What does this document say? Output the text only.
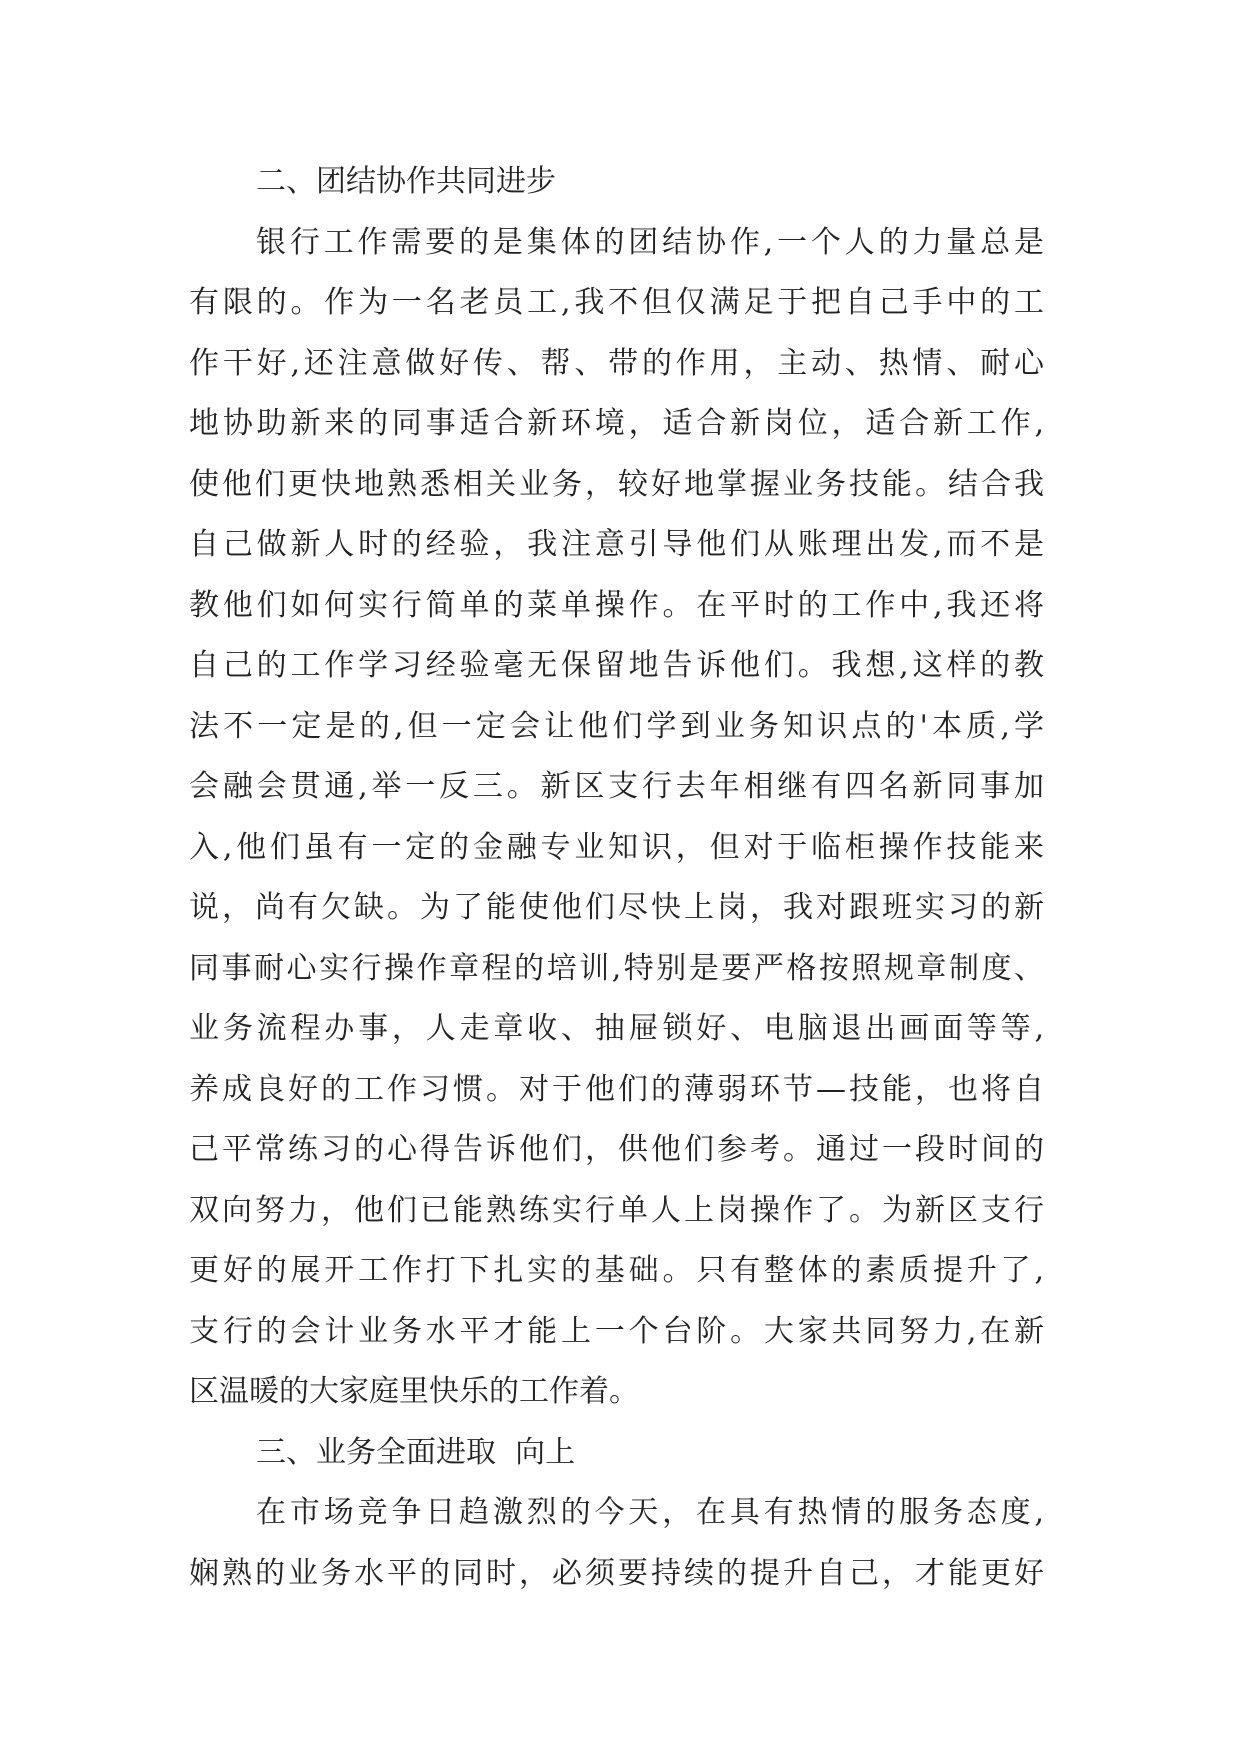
二、团结协作共同进步
银行工作需要的是集体的团结协作,一个人的力量总是
有限的。作为一名老员工,我不但仅满足于把自己手中的工
作干好,还注意做好传、帮、带的作用，主动、热情、耐心
地协助新来的同事适合新环境，适合新岗位，适合新工作,
使他们更快地熟悉相关业务，较好地掌握业务技能。结合我
自己做新人时的经验，我注意引导他们从账理出发,而不是
教他们如何实行简单的菜单操作。在平时的工作中,我还将
自己的工作学习经验毫无保留地告诉他们。我想,这样的教
法不一定是的,但一定会让他们学到业务知识点的'本质,学
会融会贯通,举一反三。新区支行去年相继有四名新同事加
入,他们虽有一定的金融专业知识，但对于临柜操作技能来
说，尚有欠缺。为了能使他们尽快上岗，我对跟班实习的新
同事耐心实行操作章程的培训,特别是要严格按照规章制度、
业务流程办事，人走章收、抽屉锁好、电脑退出画面等等,
养成良好的工作习惯。对于他们的薄弱环节—技能，也将自
己平常练习的心得告诉他们，供他们参考。通过一段时间的
双向努力，他们已能熟练实行单人上岗操作了。为新区支行
更好的展开工作打下扎实的基础。只有整体的素质提升了,
支行的会计业务水平才能上一个台阶。大家共同努力,在新
区温暖的大家庭里快乐的工作着。
三、业务全面进取  向上
在市场竞争日趋激烈的今天，在具有热情的服务态度,
娴熟的业务水平的同时，必须要持续的提升自己，才能更好
